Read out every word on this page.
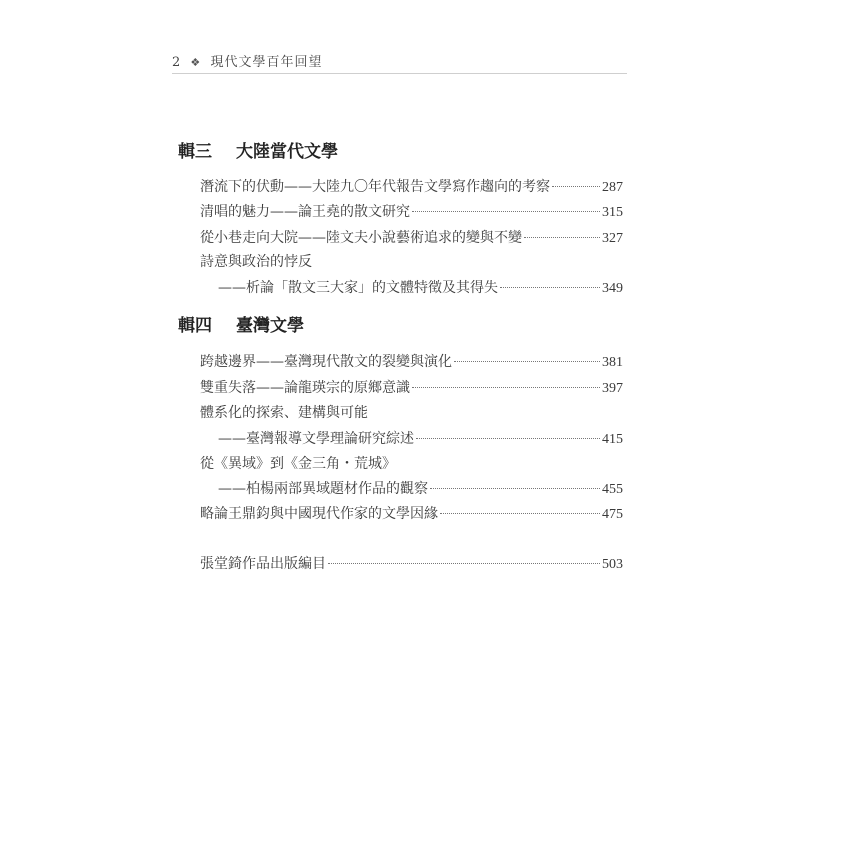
2 ❖ 現代文學百年回望
輯三 大陸當代文學
潛流下的伏動——大陸九〇年代報告文學寫作趨向的考察	287
清唱的魅力——論王堯的散文研究	315
從小巷走向大院——陸文夫小說藝術追求的變與不變	327
詩意與政治的悖反
——析論「散文三大家」的文體特徵及其得失	349
輯四 臺灣文學
跨越邊界——臺灣現代散文的裂變與演化	381
雙重失落——論龍瑛宗的原鄉意識	397
體系化的探索、建構與可能
——臺灣報導文學理論研究綜述	415
從《異域》到《金三角・荒城》
——柏楊兩部異域題材作品的觀察	455
略論王鼎鈞與中國現代作家的文學因緣	475
張堂錡作品出版編目	503
